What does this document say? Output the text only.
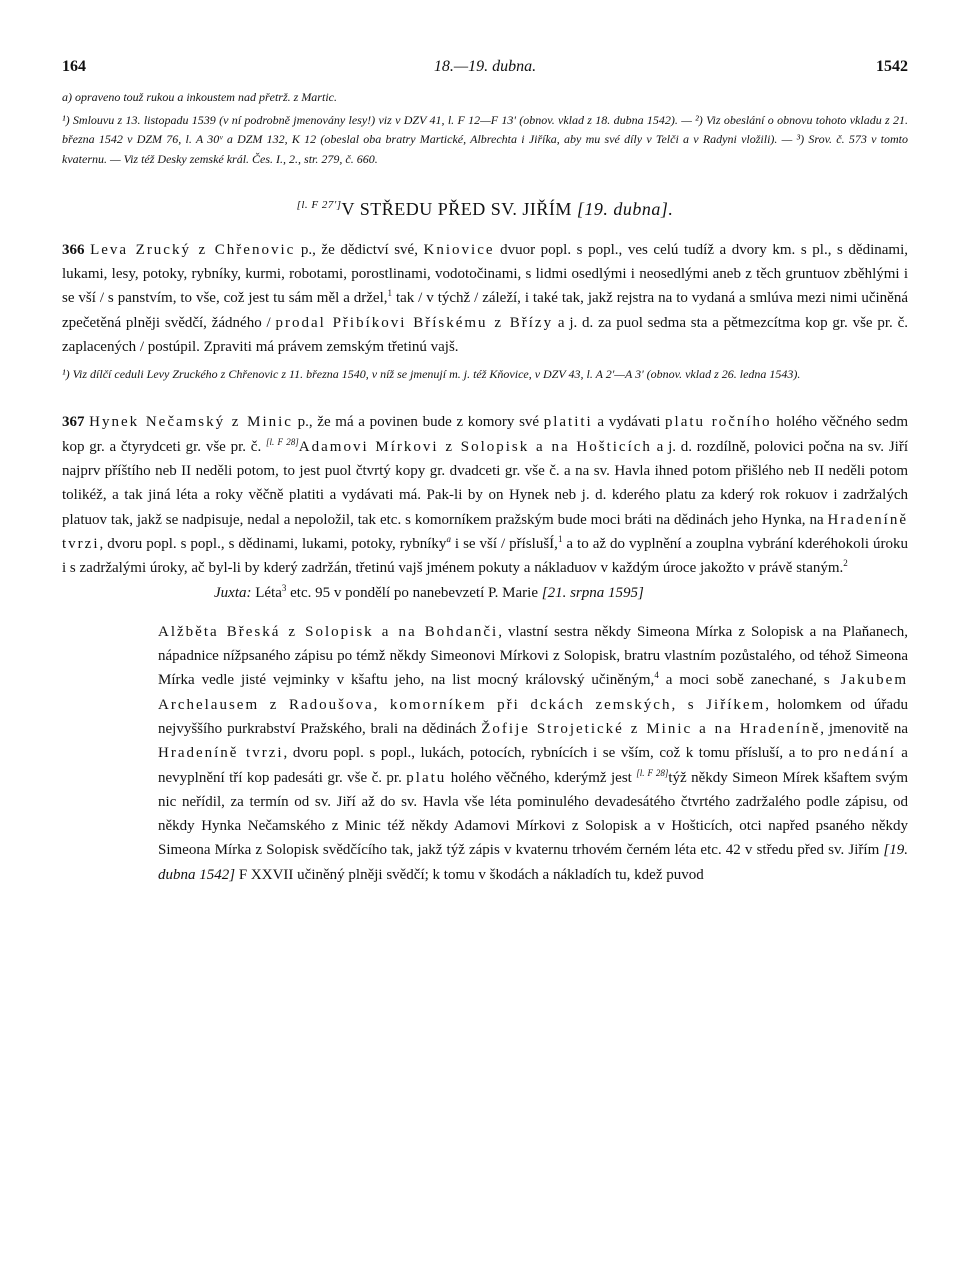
164	18.—19. dubna.	1542

a) opraveno touž rukou a inkoustem nad přetrž. z Martic.

¹) Smlouvu z 13. listopadu 1539 (v ní podrobně jmenovány lesy!) viz v DZV 41, l. F 12—F 13' (obnov. vklad z 18. dubna 1542). — ²) Viz obeslání o obnovu tohoto vkladu z 21. března 1542 v DZM 76, l. A 30ᵛ a DZM 132, K 12 (obeslal oba bratry Martické, Albrechta i Jiříka, aby mu své díly v Telči a v Radyni vložili). — ³) Srov. č. 573 v tomto kvaternu. — Viz též Desky zemské král. Čes. I., 2., str. 279, č. 660.

[l. F 27']V STŘEDU PŘED SV. JIŘÍM [19. dubna].

366 Leva Zrucký z Chřenovic p., že dědictví své, Kniovice dvuor popl. s popl., ves celú tudíž a dvory km. s pl., s dědinami, lukami, lesy, potoky, rybníky, kurmi, robotami, porostlinami, vodotočinami, s lidmi osedlými i neosedlými aneb z těch gruntuov zběhlými i se vší / s panstvím, to vše, což jest tu sám měl a držel,$^1$ tak / v týchž / záleží, i také tak, jakž rejstra na to vydaná a smlúva mezi nimi učiněná zpečetěná plněji svědčí, žádného / prodal Přibíkovi Břískému z Břízy a j. d. za puol sedma sta a pětmezcítma kop gr. vše pr. č. zaplacených / postúpil. Zpraviti má právem zemským třetinú vajš.

¹) Viz dílčí ceduli Levy Zruckého z Chřenovic z 11. března 1540, v níž se jmenují m. j. též Kňovice, v DZV 43, l. A 2'—A 3' (obnov. vklad z 26. ledna 1543).

367 Hynek Nečamský z Minic p., že má a povinen bude z komory své platiti a vydávati platu ročního holého věčného sedm kop gr. a čtyrydceti gr. vše pr. č. [l. F 28]Adamovi Mírkovi z Solopisk a na Hošticích a j. d. rozdílně, polovici počna na sv. Jiří najprv příštího neb II neděli potom, to jest puol čtvrtý kopy gr. dvadceti gr. vše č. a na sv. Havla ihned potom přišlého neb II neděli potom tolikéž, a tak jiná léta a roky věčně platiti a vydávati má. Pak-li by on Hynek neb j. d. kderého platu za kderý rok rokuov i zadržalých platuov tak, jakž se nadpisuje, nedal a nepoložil, tak etc. s komorníkem pražským bude moci bráti na dědinách jeho Hynka, na Hradeníně tvrzi, dvoru popl. s popl., s dědinami, lukami, potoky, rybníky$^a$ i se vší / příslušÍ,$^1$ a to až do vyplnění a zouplna vybrání kderéhokoli úroku i s zadržalými úroky, ač byl-li by kderý zadržán, třetinú vajš jménem pokuty a nákladuov v každým úroce jakožto v právě staným.$^2$

Juxta: Léta$^3$ etc. 95 v pondělí po nanebevzetí P. Marie [21. srpna 1595]

Alžběta Břeská z Solopisk a na Bohdanči, vlastní sestra někdy Simeona Mírka z Solopisk a na Plaňanech, nápadnice nížpsaného zápisu po témž někdy Simeonovi Mírkovi z Solopisk, bratru vlastním pozůstalého, od téhož Simeona Mírka vedle jisté vejminky v kšaftu jeho, na list mocný královský učiněným,$^4$ a moci sobě zanechané, s Jakubem Archelausem z Radoušova, komorníkem při dckách zemských, s Jiříkem, holomkem od úřadu nejvyššího purkrabství Pražského, brali na dědinách Žofije Strojetické z Minic a na Hradeníně, jmenovitě na Hradeníně tvrzi, dvoru popl. s popl., lukách, potocích, rybnících i se vším, což k tomu přísluší, a to pro nedání a nevyplnění tří kop padesáti gr. vše č. pr. platu holého věčného, kderýmž jest [l. F 28]týž někdy Simeon Mírek kšaftem svým nic neřídil, za termín od sv. Jiří až do sv. Havla vše léta pominulého devadesátého čtvrtého zadržalého podle zápisu, od někdy Hynka Nečamského z Minic též někdy Adamovi Mírkovi z Solopisk a v Hošticích, otci napřed psaného někdy Simeona Mírka z Solopisk svědčícího tak, jakž týž zápis v kvaternu trhovém černém léta etc. 42 v středu před sv. Jiřím [19. dubna 1542] F XXVII učiněný plněji svědčí; k tomu v škodách a nákladích tu, kdež puvod
